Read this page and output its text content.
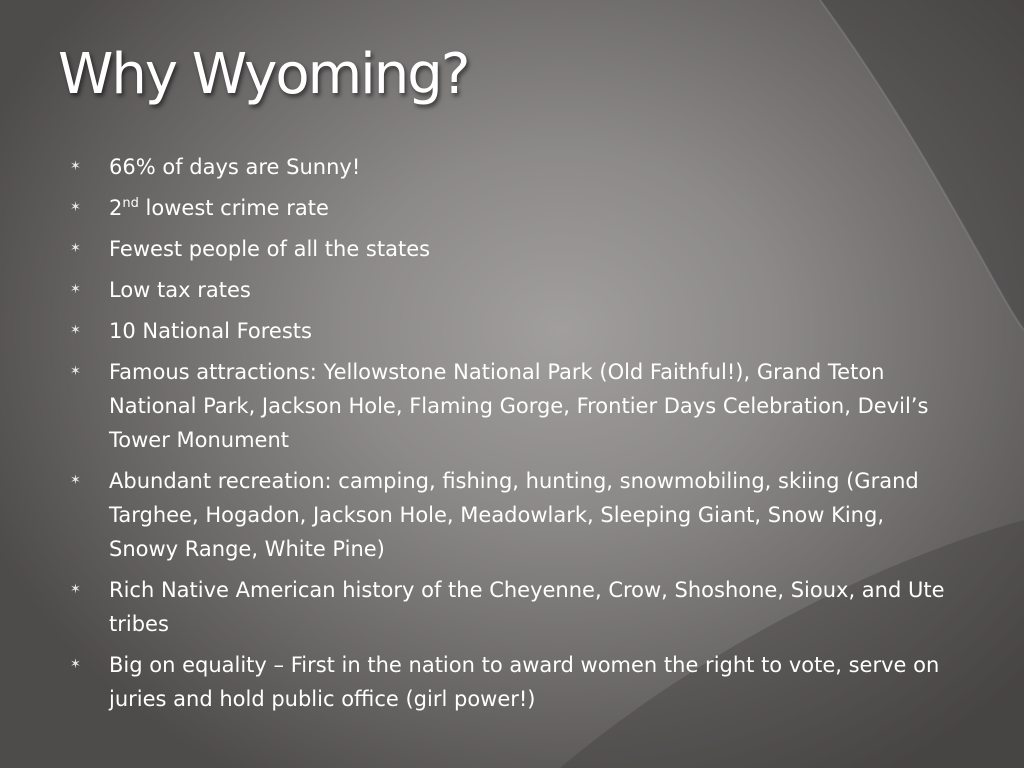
Why Wyoming?
✶ 66% of days are Sunny!
✶ 2nd lowest crime rate
✶ Fewest people of all the states
✶ Low tax rates
✶ 10 National Forests
✶ Famous attractions: Yellowstone National Park (Old Faithful!), Grand Teton National Park, Jackson Hole, Flaming Gorge, Frontier Days Celebration, Devil’s Tower Monument
✶ Abundant recreation: camping, fishing, hunting, snowmobiling, skiing (Grand Targhee, Hogadon, Jackson Hole, Meadowlark, Sleeping Giant, Snow King, Snowy Range, White Pine)
✶ Rich Native American history of the Cheyenne, Crow, Shoshone, Sioux, and Ute tribes
✶ Big on equality – First in the nation to award women the right to vote, serve on juries and hold public office (girl power!)
